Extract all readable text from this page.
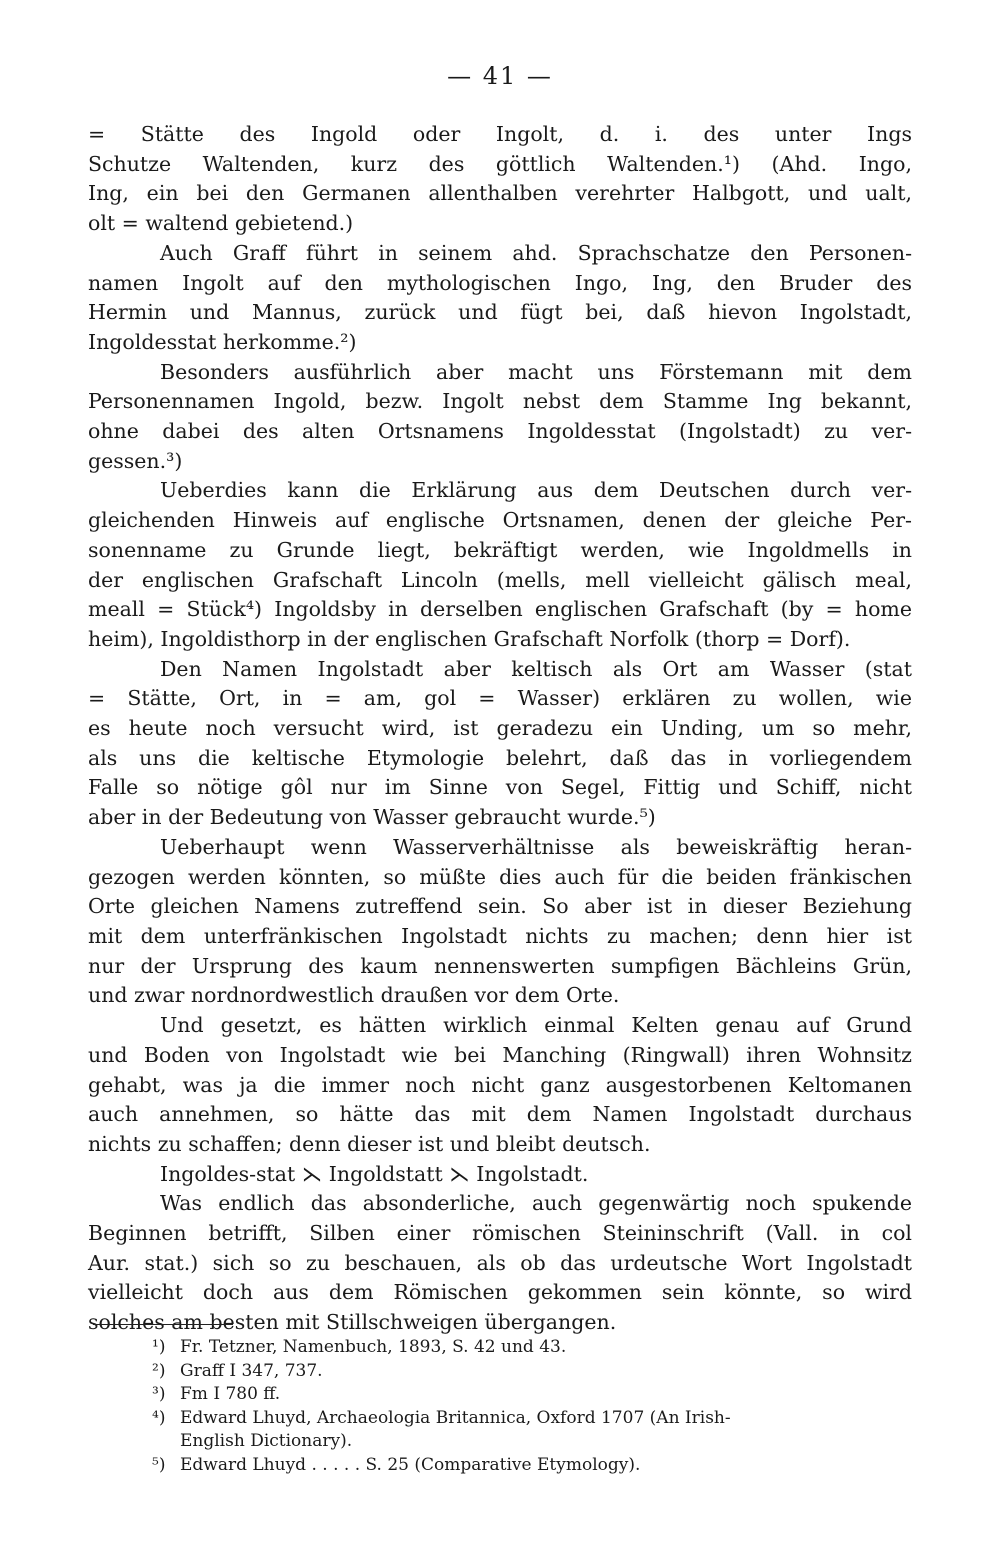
— 41 —

= Stätte des Ingold oder Ingolt, d. i. des unter Ings
Schutze Waltenden, kurz des göttlich Waltenden.¹) (Ahd. Ingo,
Ing, ein bei den Germanen allenthalben verehrter Halbgott, und ualt,
olt = waltend gebietend.)

Auch Graff führt in seinem ahd. Sprachschatze den Personen-
namen Ingolt auf den mythologischen Ingo, Ing, den Bruder des
Hermin und Mannus, zurück und fügt bei, daß hievon Ingolstadt,
Ingoldesstat herkomme.²)

Besonders ausführlich aber macht uns Förstemann mit dem
Personennamen Ingold, bezw. Ingolt nebst dem Stamme Ing bekannt,
ohne dabei des alten Ortsnamens Ingoldesstat (Ingolstadt) zu ver-
gessen.³)

Ueberdies kann die Erklärung aus dem Deutschen durch ver-
gleichenden Hinweis auf englische Ortsnamen, denen der gleiche Per-
sonenname zu Grunde liegt, bekräftigt werden, wie Ingoldmells in
der englischen Grafschaft Lincoln (mells, mell vielleicht gälisch meal,
meall = Stück⁴) Ingoldsby in derselben englischen Grafschaft (by = home
heim), Ingoldisthorp in der englischen Grafschaft Norfolk (thorp = Dorf).

Den Namen Ingolstadt aber keltisch als Ort am Wasser (stat
= Stätte, Ort, in = am, gol = Wasser) erklären zu wollen, wie
es heute noch versucht wird, ist geradezu ein Unding, um so mehr,
als uns die keltische Etymologie belehrt, daß das in vorliegendem
Falle so nötige gôl nur im Sinne von Segel, Fittig und Schiff, nicht
aber in der Bedeutung von Wasser gebraucht wurde.⁵)

Ueberhaupt wenn Wasserverhältnisse als beweiskräftig heran-
gezogen werden könnten, so müßte dies auch für die beiden fränkischen
Orte gleichen Namens zutreffend sein. So aber ist in dieser Beziehung
mit dem unterfränkischen Ingolstadt nichts zu machen; denn hier ist
nur der Ursprung des kaum nennenswerten sumpfigen Bächleins Grün,
und zwar nordnordwestlich draußen vor dem Orte.

Und gesetzt, es hätten wirklich einmal Kelten genau auf Grund
und Boden von Ingolstadt wie bei Manching (Ringwall) ihren Wohnsitz
gehabt, was ja die immer noch nicht ganz ausgestorbenen Keltomanen
auch annehmen, so hätte das mit dem Namen Ingolstadt durchaus
nichts zu schaffen; denn dieser ist und bleibt deutsch.

Ingoldes-stat ⋋ Ingoldstatt ⋋ Ingolstadt.

Was endlich das absonderliche, auch gegenwärtig noch spukende
Beginnen betrifft, Silben einer römischen Steininschrift (Vall. in col
Aur. stat.) sich so zu beschauen, als ob das urdeutsche Wort Ingolstadt
vielleicht doch aus dem Römischen gekommen sein könnte, so wird
solches am besten mit Stillschweigen übergangen.

¹) Fr. Tetzner, Namenbuch, 1893, S. 42 und 43.
²) Graff I 347, 737.
³) Fm I 780 ff.
⁴) Edward Lhuyd, Archaeologia Britannica, Oxford 1707 (An Irish-
English Dictionary).
⁵) Edward Lhuyd . . . . . S. 25 (Comparative Etymology).
